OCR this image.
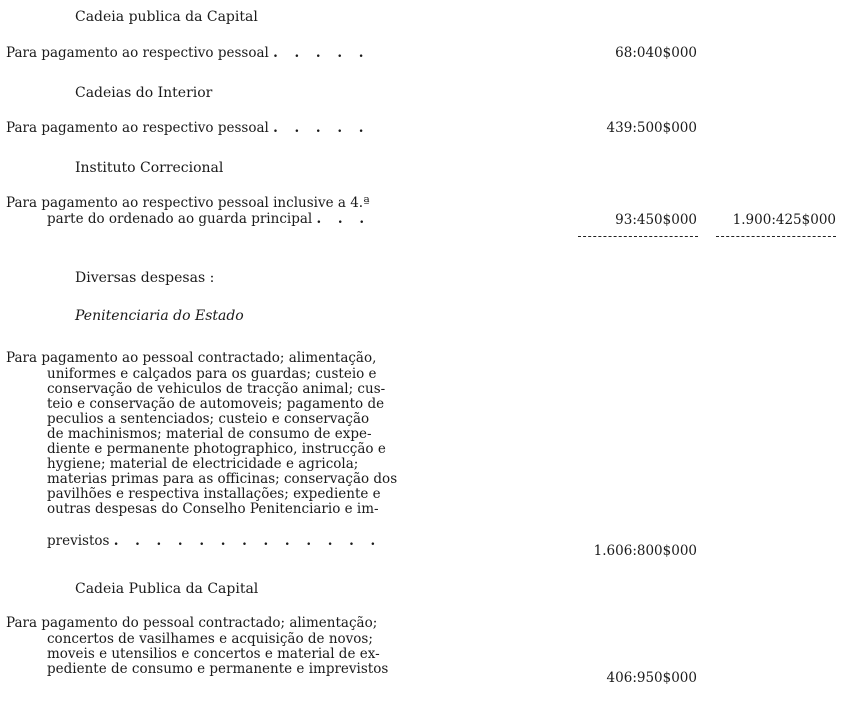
Cadeia publica da Capital
Para pagamento ao respectivo pessoal . . . . .	68:040$000
Cadeias do Interior
Para pagamento ao respectivo pessoal . . . . .	439:500$000
Instituto Correcional
Para pagamento ao respectivo pessoal inclusive a 4.ª
parte do ordenado ao guarda principal . . .	93:450$000	1.900:425$000
Diversas despesas :
Penitenciaria do Estado
Para pagamento ao pessoal contractado; alimentação,
uniformes e calçados para os guardas; custeio e
conservação de vehiculos de tracção animal; cus-
teio e conservação de automoveis; pagamento de
peculios a sentenciados; custeio e conservação
de machinismos; material de consumo de expe-
diente e permanente photographico, instrucção e
hygiene; material de electricidade e agricola;
materias primas para as officinas; conservação dos
pavilhões e respectiva installações; expediente e
outras despesas do Conselho Penitenciario e im-
previstos . . . . . . . . . . . . .
1.606:800$000
Cadeia Publica da Capital
Para pagamento do pessoal contractado; alimentação;
concertos de vasilhames e acquisição de novos;
moveis e utensilios e concertos e material de ex-
pediente de consumo e permanente e imprevistos
406:950$000
